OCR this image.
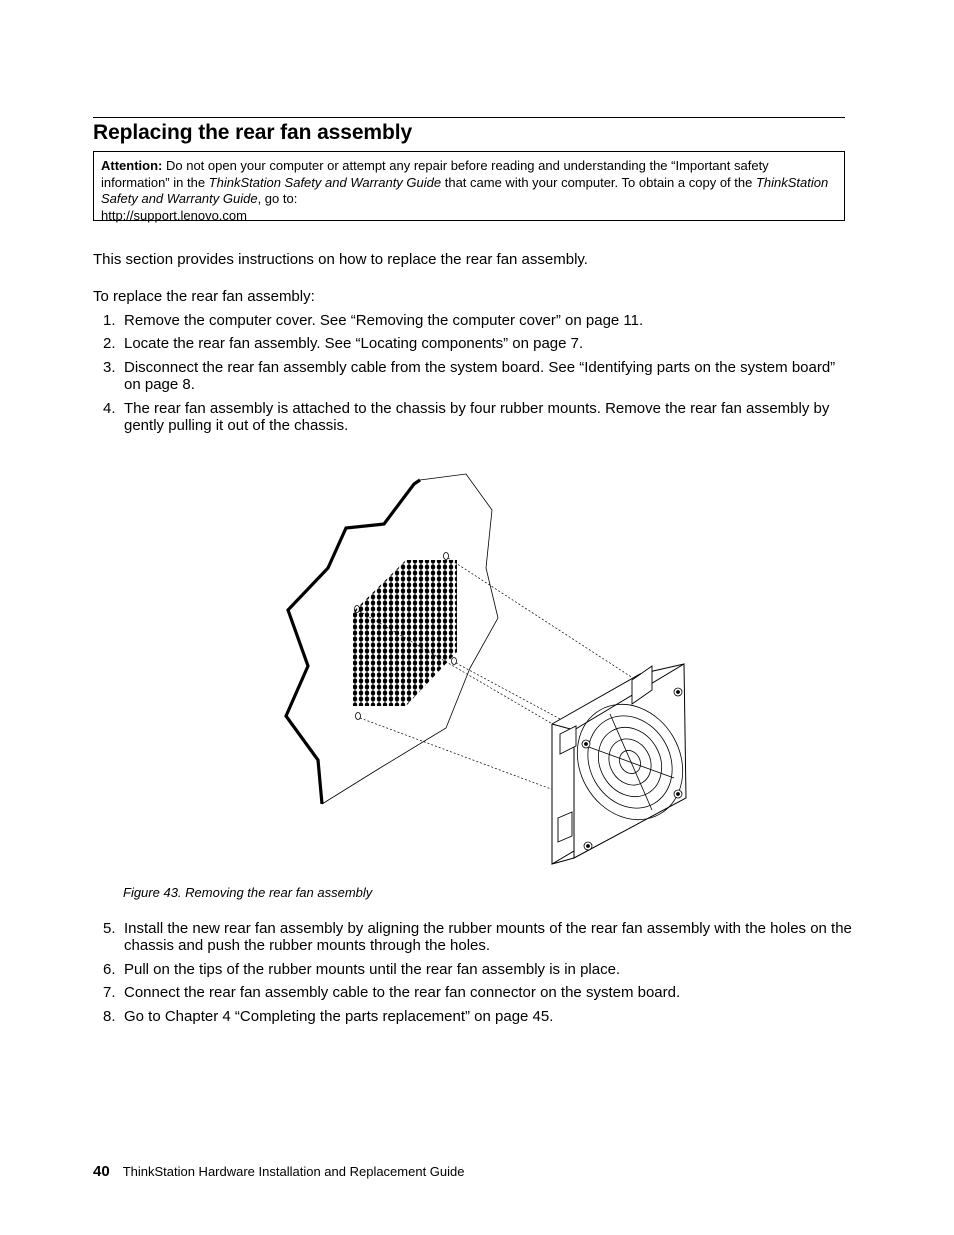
Replacing the rear fan assembly
Attention: Do not open your computer or attempt any repair before reading and understanding the “Important safety information” in the ThinkStation Safety and Warranty Guide that came with your computer. To obtain a copy of the ThinkStation Safety and Warranty Guide, go to:
http://support.lenovo.com

This section provides instructions on how to replace the rear fan assembly.

To replace the rear fan assembly:

1. Remove the computer cover. See “Removing the computer cover” on page 11.
2. Locate the rear fan assembly. See “Locating components” on page 7.
3. Disconnect the rear fan assembly cable from the system board. See “Identifying parts on the system board” on page 8.
4. The rear fan assembly is attached to the chassis by four rubber mounts. Remove the rear fan assembly by gently pulling it out of the chassis.
Figure 43. Removing the rear fan assembly
5. Install the new rear fan assembly by aligning the rubber mounts of the rear fan assembly with the holes on the chassis and push the rubber mounts through the holes.
6. Pull on the tips of the rubber mounts until the rear fan assembly is in place.
7. Connect the rear fan assembly cable to the rear fan connector on the system board.
8. Go to Chapter 4 “Completing the parts replacement” on page 45.
40 ThinkStation Hardware Installation and Replacement Guide
